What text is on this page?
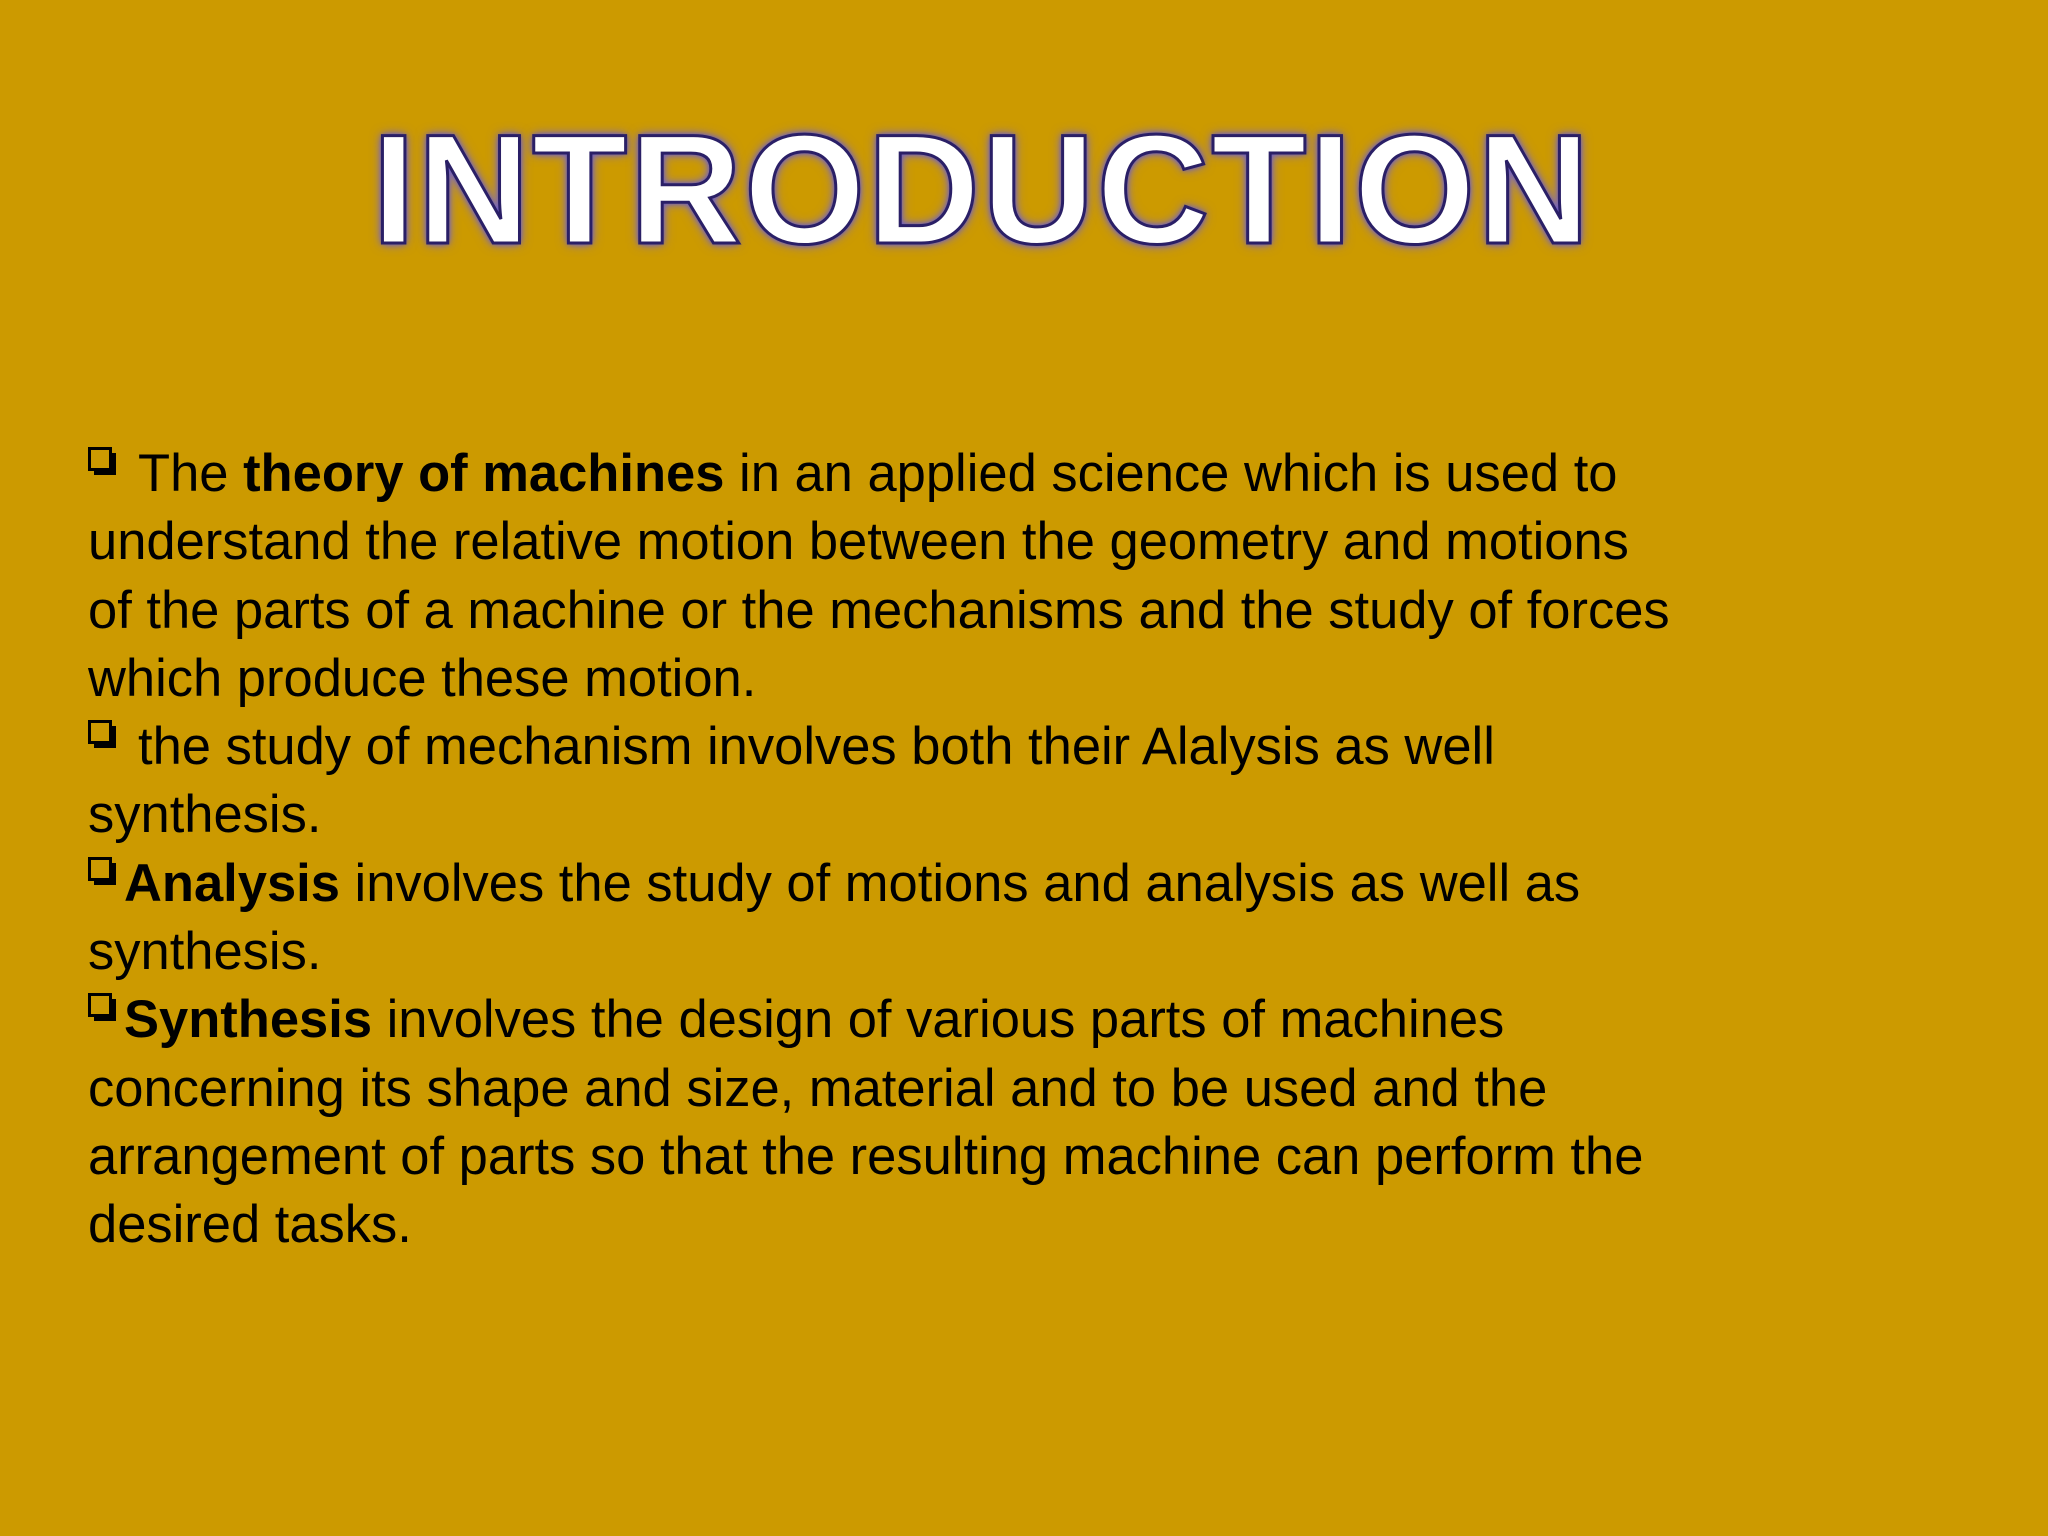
INTRODUCTION
The theory of machines in an applied science which is used to
understand the relative motion between the geometry and motions
of the parts of a machine or the mechanisms and the study of forces
which produce these motion.
the study of mechanism involves both their Alalysis as well
synthesis.
Analysis involves the study of motions and analysis as well as
synthesis.
Synthesis involves the design of various parts of machines
concerning its shape and size, material and to be used and the
arrangement of parts so that the resulting machine can perform the
desired tasks.
